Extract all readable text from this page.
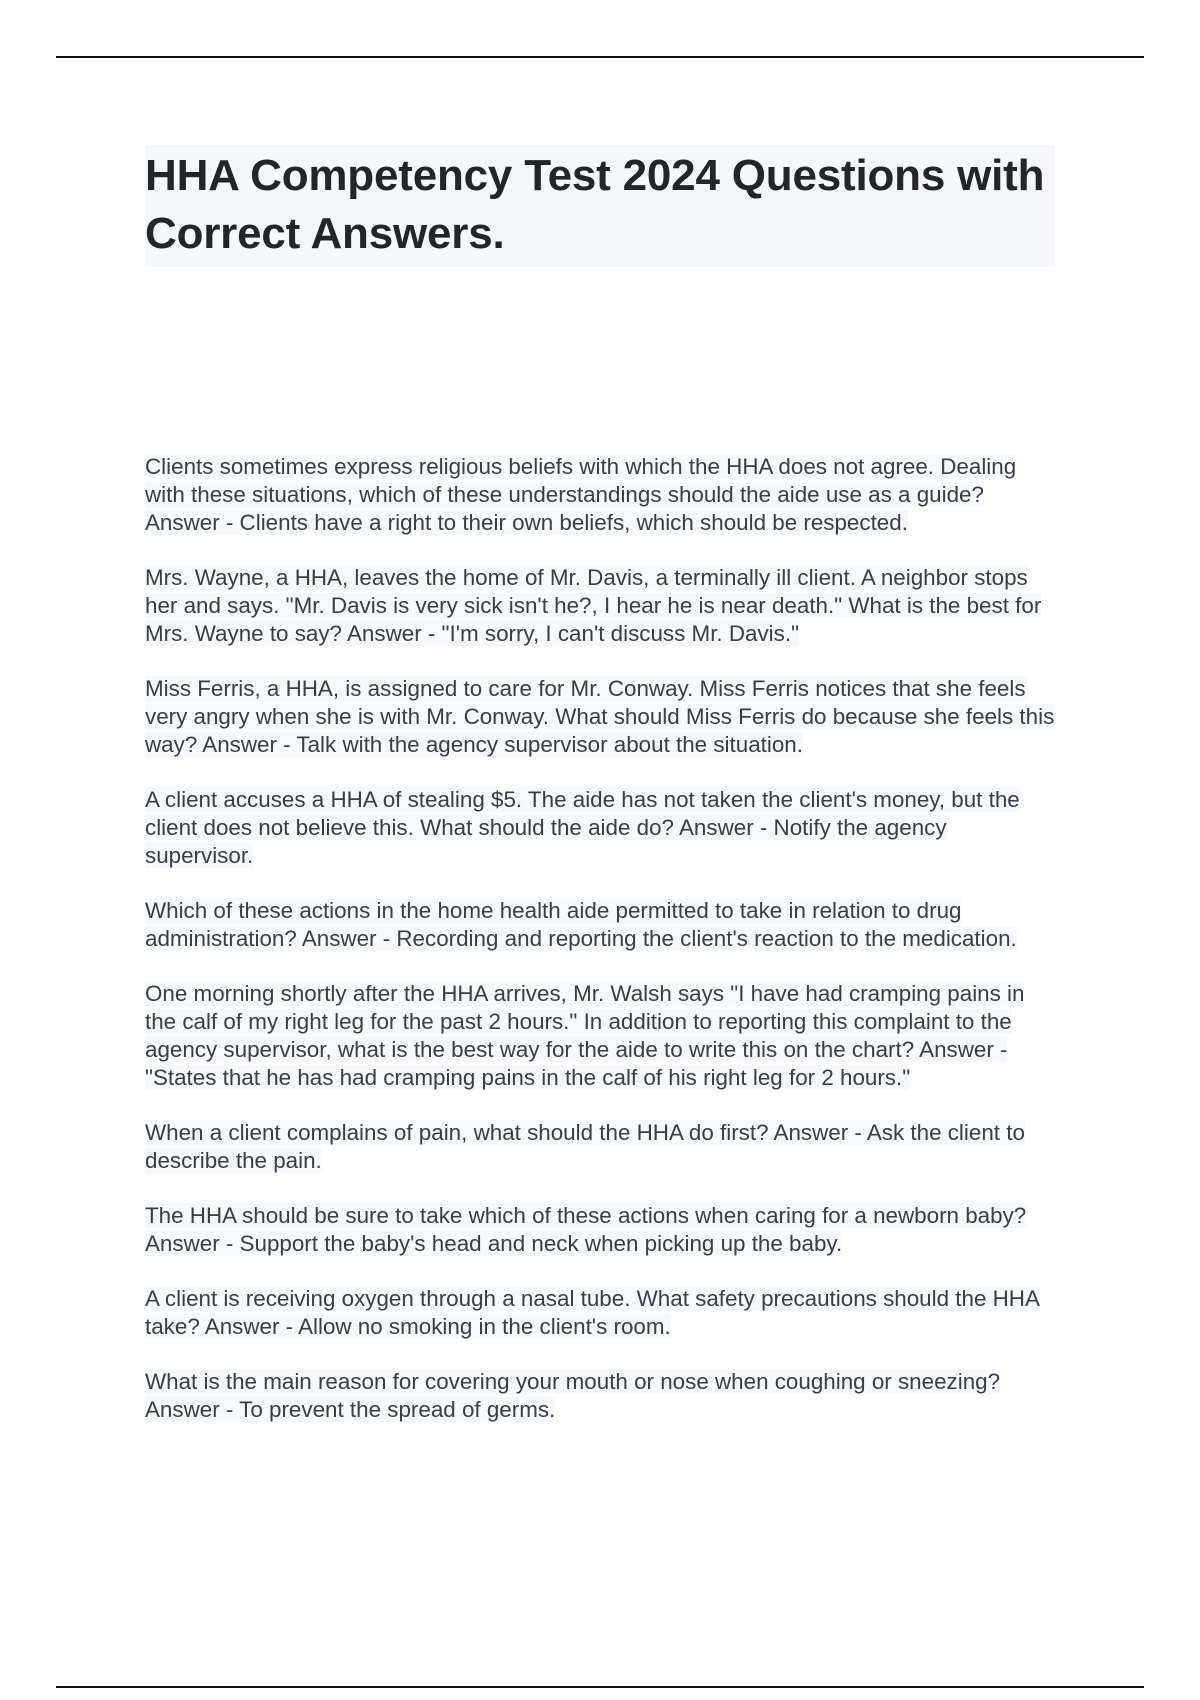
HHA Competency Test 2024 Questions with Correct Answers.
Clients sometimes express religious beliefs with which the HHA does not agree. Dealing with these situations, which of these understandings should the aide use as a guide? Answer - Clients have a right to their own beliefs, which should be respected.
Mrs. Wayne, a HHA, leaves the home of Mr. Davis, a terminally ill client. A neighbor stops her and says. "Mr. Davis is very sick isn't he?, I hear he is near death." What is the best for Mrs. Wayne to say? Answer - "I'm sorry, I can't discuss Mr. Davis."
Miss Ferris, a HHA, is assigned to care for Mr. Conway. Miss Ferris notices that she feels very angry when she is with Mr. Conway. What should Miss Ferris do because she feels this way? Answer - Talk with the agency supervisor about the situation.
A client accuses a HHA of stealing $5. The aide has not taken the client's money, but the client does not believe this. What should the aide do? Answer - Notify the agency supervisor.
Which of these actions in the home health aide permitted to take in relation to drug administration? Answer - Recording and reporting the client's reaction to the medication.
One morning shortly after the HHA arrives, Mr. Walsh says "I have had cramping pains in the calf of my right leg for the past 2 hours." In addition to reporting this complaint to the agency supervisor, what is the best way for the aide to write this on the chart? Answer - "States that he has had cramping pains in the calf of his right leg for 2 hours."
When a client complains of pain, what should the HHA do first? Answer - Ask the client to describe the pain.
The HHA should be sure to take which of these actions when caring for a newborn baby? Answer - Support the baby's head and neck when picking up the baby.
A client is receiving oxygen through a nasal tube. What safety precautions should the HHA take? Answer - Allow no smoking in the client's room.
What is the main reason for covering your mouth or nose when coughing or sneezing? Answer - To prevent the spread of germs.
